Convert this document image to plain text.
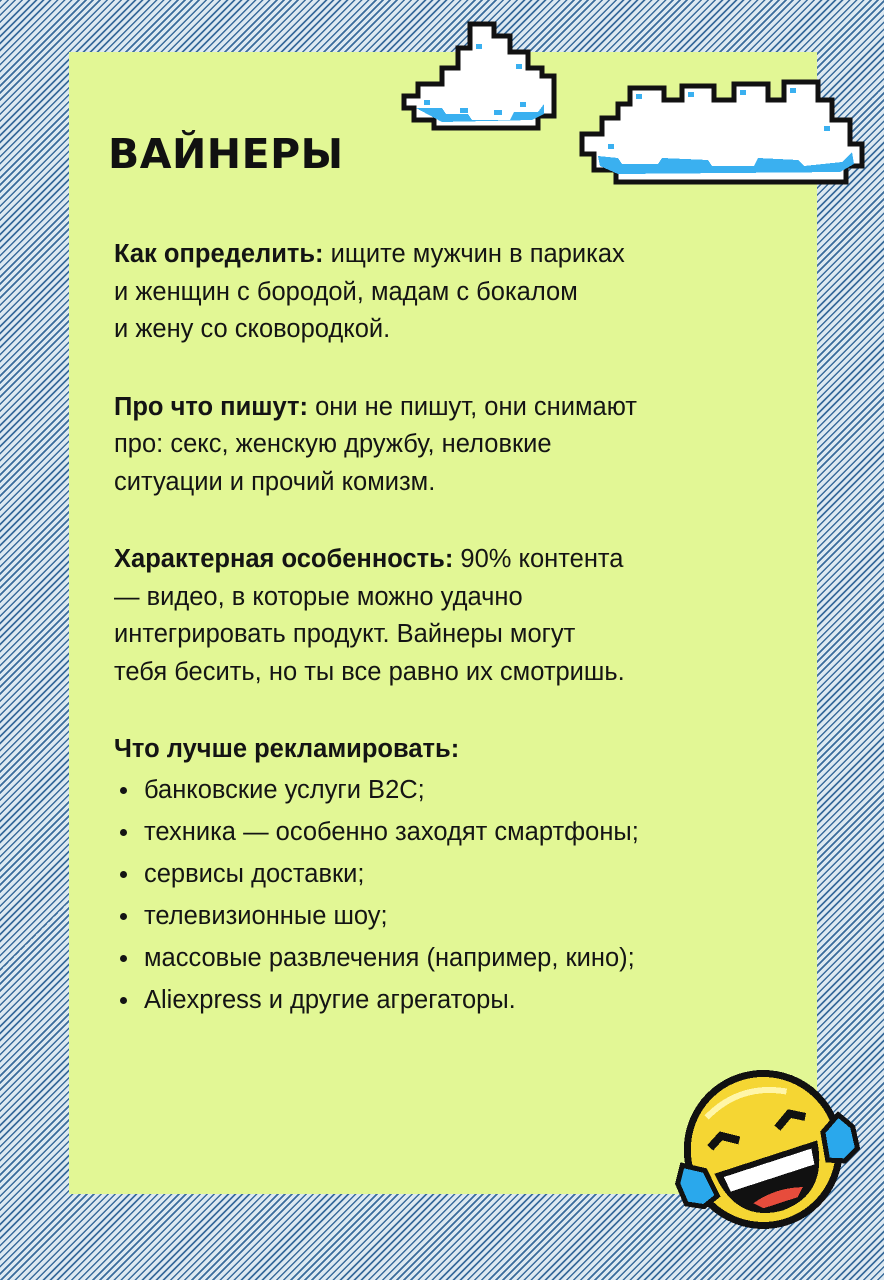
ВАЙНЕРЫ

Как определить: ищите мужчин в париках
и женщин с бородой, мадам с бокалом
и жену со сковородкой.

Про что пишут: они не пишут, они снимают
про: секс, женскую дружбу, неловкие
ситуации и прочий комизм.

Характерная особенность: 90% контента
— видео, в которые можно удачно
интегрировать продукт. Вайнеры могут
тебя бесить, но ты все равно их смотришь.

Что лучше рекламировать:
банковские услуги B2C;
техника — особенно заходят смартфоны;
сервисы доставки;
телевизионные шоу;
массовые развлечения (например, кино);
Aliexpress и другие агрегаторы.
